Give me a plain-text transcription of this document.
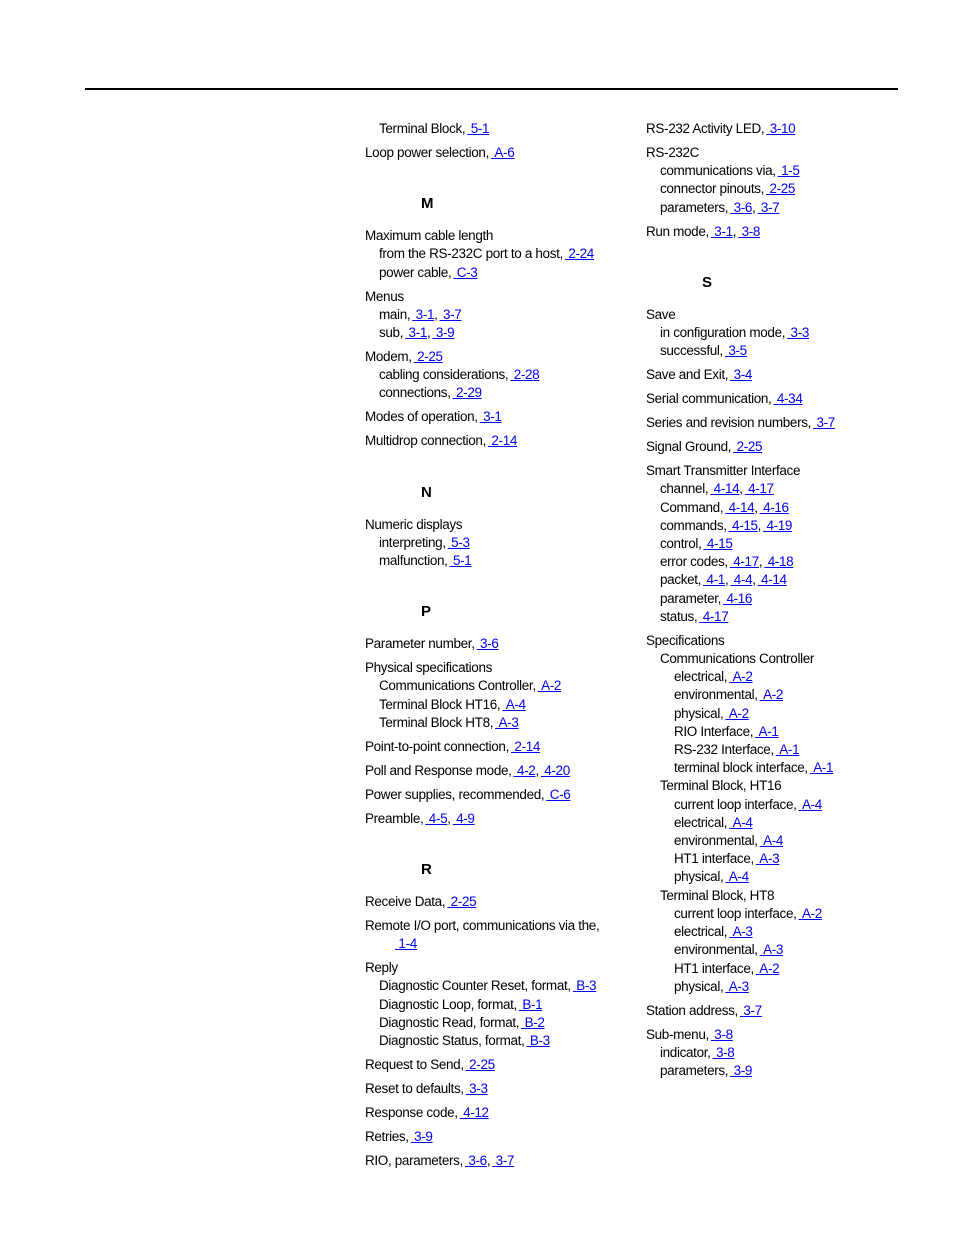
Terminal Block, 5-1
Loop power selection, A-6
M
Maximum cable length
from the RS-232C port to a host, 2-24
power cable, C-3
Menus
main, 3-1, 3-7
sub, 3-1, 3-9
Modem, 2-25
cabling considerations, 2-28
connections, 2-29
Modes of operation, 3-1
Multidrop connection, 2-14
N
Numeric displays
interpreting, 5-3
malfunction, 5-1
P
Parameter number, 3-6
Physical specifications
Communications Controller, A-2
Terminal Block HT16, A-4
Terminal Block HT8, A-3
Point-to-point connection, 2-14
Poll and Response mode, 4-2, 4-20
Power supplies, recommended, C-6
Preamble, 4-5, 4-9
R
Receive Data, 2-25
Remote I/O port, communications via the,
1-4
Reply
Diagnostic Counter Reset, format, B-3
Diagnostic Loop, format, B-1
Diagnostic Read, format, B-2
Diagnostic Status, format, B-3
Request to Send, 2-25
Reset to defaults, 3-3
Response code, 4-12
Retries, 3-9
RIO, parameters, 3-6, 3-7
RS-232 Activity LED, 3-10
RS-232C
communications via, 1-5
connector pinouts, 2-25
parameters, 3-6, 3-7
Run mode, 3-1, 3-8
S
Save
in configuration mode, 3-3
successful, 3-5
Save and Exit, 3-4
Serial communication, 4-34
Series and revision numbers, 3-7
Signal Ground, 2-25
Smart Transmitter Interface
channel, 4-14, 4-17
Command, 4-14, 4-16
commands, 4-15, 4-19
control, 4-15
error codes, 4-17, 4-18
packet, 4-1, 4-4, 4-14
parameter, 4-16
status, 4-17
Specifications
Communications Controller
electrical, A-2
environmental, A-2
physical, A-2
RIO Interface, A-1
RS-232 Interface, A-1
terminal block interface, A-1
Terminal Block, HT16
current loop interface, A-4
electrical, A-4
environmental, A-4
HT1 interface, A-3
physical, A-4
Terminal Block, HT8
current loop interface, A-2
electrical, A-3
environmental, A-3
HT1 interface, A-2
physical, A-3
Station address, 3-7
Sub-menu, 3-8
indicator, 3-8
parameters, 3-9
